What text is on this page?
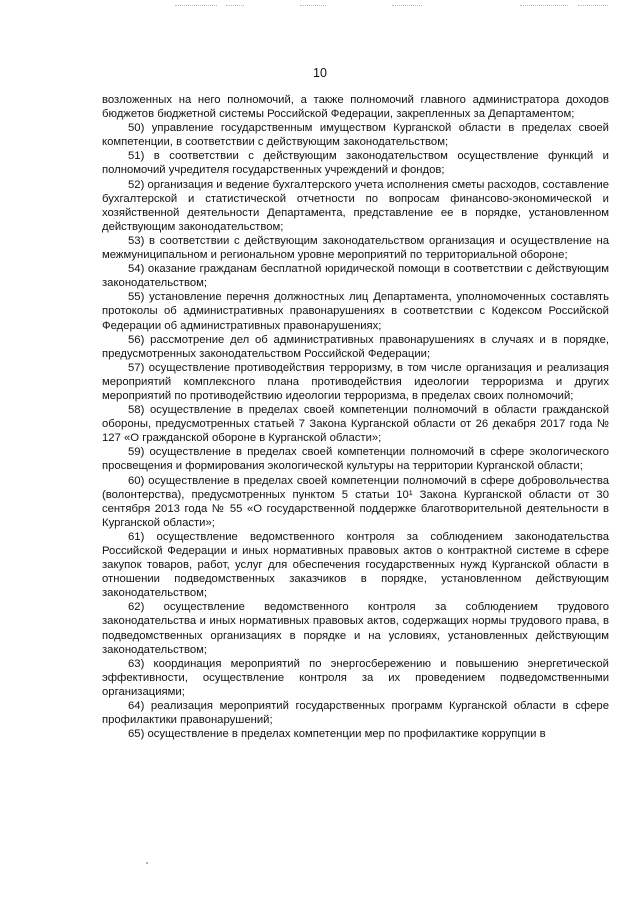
10

возложенных на него полномочий, а также полномочий главного администратора доходов бюджетов бюджетной системы Российской Федерации, закрепленных за Департаментом;

50) управление государственным имуществом Курганской области в пределах своей компетенции, в соответствии с действующим законодательством;

51) в соответствии с действующим законодательством осуществление функций и полномочий учредителя государственных учреждений и фондов;

52) организация и ведение бухгалтерского учета исполнения сметы расходов, составление бухгалтерской и статистической отчетности по вопросам финансово-экономической и хозяйственной деятельности Департамента, представление ее в порядке, установленном действующим законодательством;

53) в соответствии с действующим законодательством организация и осуществление на межмуниципальном и региональном уровне мероприятий по территориальной обороне;

54) оказание гражданам бесплатной юридической помощи в соответствии с действующим законодательством;

55) установление перечня должностных лиц Департамента, уполномоченных составлять протоколы об административных правонарушениях в соответствии с Кодексом Российской Федерации об административных правонарушениях;

56) рассмотрение дел об административных правонарушениях в случаях и в порядке, предусмотренных законодательством Российской Федерации;

57) осуществление противодействия терроризму, в том числе организация и реализация мероприятий комплексного плана противодействия идеологии терроризма и других мероприятий по противодействию идеологии терроризма, в пределах своих полномочий;

58) осуществление в пределах своей компетенции полномочий в области гражданской обороны, предусмотренных статьей 7 Закона Курганской области от 26 декабря 2017 года № 127 «О гражданской обороне в Курганской области»;

59) осуществление в пределах своей компетенции полномочий в сфере экологического просвещения и формирования экологической культуры на территории Курганской области;

60) осуществление в пределах своей компетенции полномочий в сфере добровольчества (волонтерства), предусмотренных пунктом 5 статьи 10¹ Закона Курганской области от 30 сентября 2013 года № 55 «О государственной поддержке благотворительной деятельности в Курганской области»;

61) осуществление ведомственного контроля за соблюдением законодательства Российской Федерации и иных нормативных правовых актов о контрактной системе в сфере закупок товаров, работ, услуг для обеспечения государственных нужд Курганской области в отношении подведомственных заказчиков в порядке, установленном действующим законодательством;

62) осуществление ведомственного контроля за соблюдением трудового законодательства и иных нормативных правовых актов, содержащих нормы трудового права, в подведомственных организациях в порядке и на условиях, установленных действующим законодательством;

63) координация мероприятий по энергосбережению и повышению энергетической эффективности, осуществление контроля за их проведением подведомственными организациями;

64) реализация мероприятий государственных программ Курганской области в сфере профилактики правонарушений;

65) осуществление в пределах компетенции мер по профилактике коррупции в
